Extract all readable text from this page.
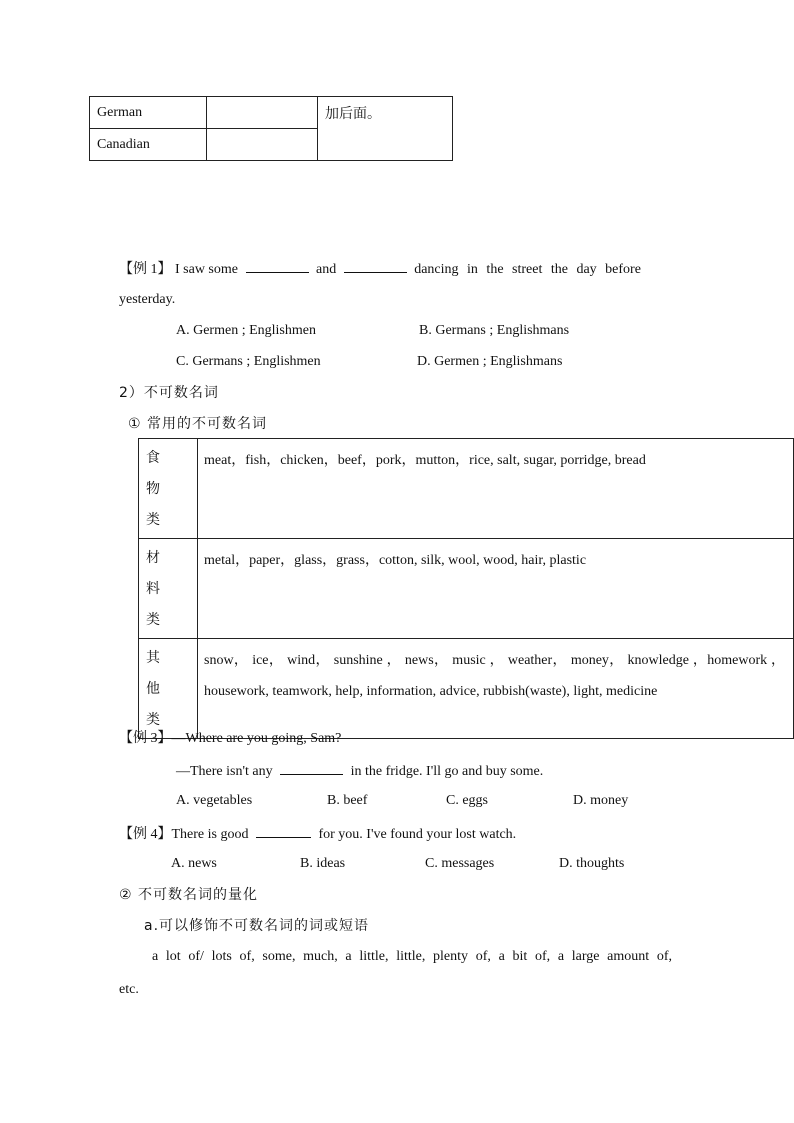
German		加后面。
Canadian		
【例 1】 I saw some	and	dancing in the street the day before
yesterday.
A. Germen ; Englishmen	B. Germans ; Englishmans
C. Germans ; Englishmen	D. Germen ; Englishmans
2）不可数名词
① 常用的不可数名词
食物类	meat，fish，chicken，beef，pork，mutton，rice, salt, sugar, porridge, bread
材料类	metal，paper，glass，grass，cotton, silk, wool, wood, hair, plastic
其他类	snow， ice， wind， sunshine ， news， music ， weather， money， knowledge ，homework ， housework, teamwork, help, information, advice, rubbish(waste), light, medicine
【例 3】—Where are you going, Sam?
—There isn't any	in the fridge. I'll go and buy some.
A. vegetables	B. beef	C. eggs	D. money
【例 4】There is good	for you. I've found your lost watch.
A. news	B. ideas	C. messages	D. thoughts
② 不可数名词的量化
a.可以修饰不可数名词的词或短语
a lot of/ lots of, some, much, a little, little, plenty of, a bit of, a large amount of,
etc.
